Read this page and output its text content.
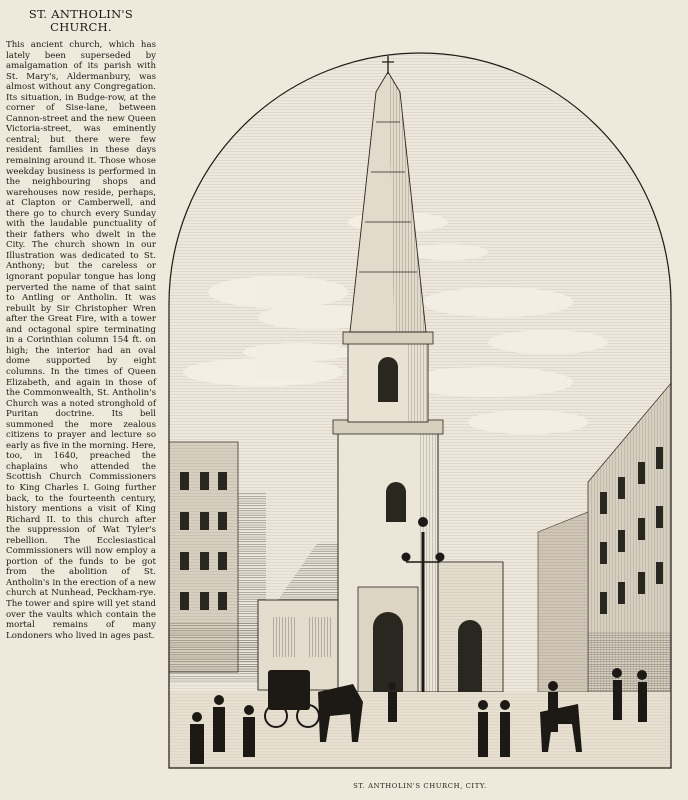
ST. ANTHOLIN'S
CHURCH.

This ancient church, which has lately been superseded by amalgamation of its parish with St. Mary's, Aldermanbury, was almost without any Congregation. Its situation, in Budge-row, at the corner of Sise-lane, between Cannon-street and the new Queen Victoria-street, was eminently central; but there were few resident families in these days remaining around it. Those whose weekday business is performed in the neighbouring shops and warehouses now reside, perhaps, at Clapton or Camberwell, and there go to church every Sunday with the laudable punctuality of their fathers who dwelt in the City. The church shown in our Illustration was dedicated to St. Anthony; but the careless or ignorant popular tongue has long perverted the name of that saint to Antling or Antholin. It was rebuilt by Sir Christopher Wren after the Great Fire, with a tower and octagonal spire terminating in a Corinthian column 154 ft. on high; the interior had an oval dome supported by eight columns. In the times of Queen Elizabeth, and again in those of the Commonwealth, St. Antholin's Church was a noted stronghold of Puritan doctrine. Its bell summoned the more zealous citizens to prayer and lecture so early as five in the morning. Here, too, in 1640, preached the chaplains who attended the Scottish Church Commissioners to King Charles I. Going further back, to the fourteenth century, history mentions a visit of King Richard II. to this church after the suppression of Wat Tyler's rebellion. The Ecclesiastical Commissioners will now employ a portion of the funds to be got from the abolition of St. Antholin's in the erection of a new church at Nunhead, Peckham-rye. The tower and spire will yet stand over the vaults which contain the mortal remains of many Londoners who lived in ages past.

ST. ANTHOLIN'S CHURCH, CITY.
